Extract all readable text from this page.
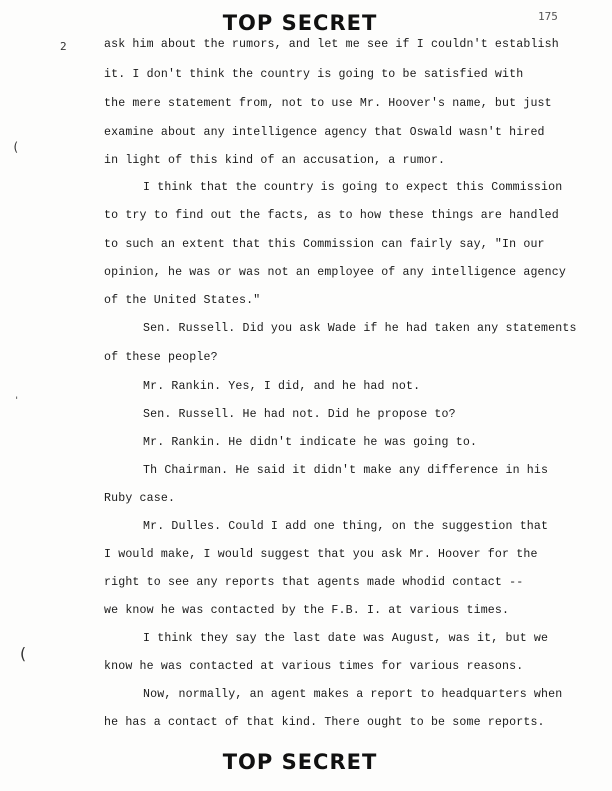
TOP SECRET	175
2
(
'
(
ask him about the rumors, and let me see if I couldn't establish
it. I don't think the country is going to be satisfied with
the mere statement from, not to use Mr. Hoover's name, but just
examine about any intelligence agency that Oswald wasn't hired
in light of this kind of an accusation, a rumor.
I think that the country is going to expect this Commission
to try to find out the facts, as to how these things are handled
to such an extent that this Commission can fairly say, "In our
opinion, he was or was not an employee of any intelligence agency
of the United States."
Sen. Russell. Did you ask Wade if he had taken any statements
of these people?
Mr. Rankin. Yes, I did, and he had not.
Sen. Russell. He had not. Did he propose to?
Mr. Rankin. He didn't indicate he was going to.
Th Chairman. He said it didn't make any difference in his
Ruby case.
Mr. Dulles. Could I add one thing, on the suggestion that
I would make, I would suggest that you ask Mr. Hoover for the
right to see any reports that agents made whodid contact --
we know he was contacted by the F.B. I. at various times.
I think they say the last date was August, was it, but we
know he was contacted at various times for various reasons.
Now, normally, an agent makes a report to headquarters when
he has a contact of that kind. There ought to be some reports.
TOP SECRET
